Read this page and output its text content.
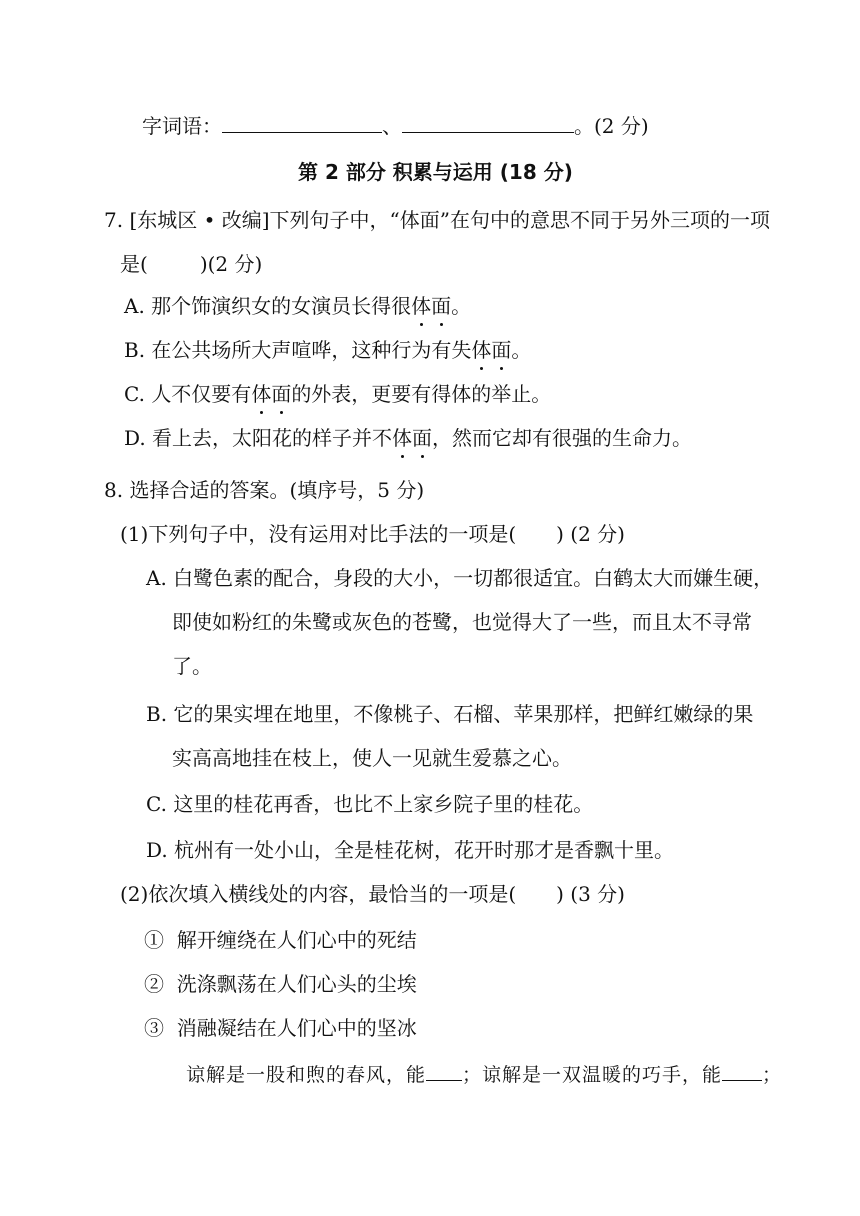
字词语：	、	。(2 分)
第 2 部分 积累与运用 (18 分)
7. [东城区 • 改编]下列句子中，“体面”在句中的意思不同于另外三项的一项
是(	)(2 分)
A. 那个饰演织女的女演员长得很体面。
B. 在公共场所大声喧哗，这种行为有失体面。
C. 人不仅要有体面的外表，更要有得体的举止。
D. 看上去，太阳花的样子并不体面，然而它却有很强的生命力。
8. 选择合适的答案。(填序号，5 分)
(1)下列句子中，没有运用对比手法的一项是( ) (2 分)
A. 白鹭色素的配合，身段的大小，一切都很适宜。白鹤太大而嫌生硬，
即使如粉红的朱鹭或灰色的苍鹭，也觉得大了一些，而且太不寻常
了。
B. 它的果实埋在地里，不像桃子、石榴、苹果那样，把鲜红嫩绿的果
实高高地挂在枝上，使人一见就生爱慕之心。
C. 这里的桂花再香，也比不上家乡院子里的桂花。
D. 杭州有一处小山，全是桂花树，花开时那才是香飘十里。
(2)依次填入横线处的内容，最恰当的一项是( ) (3 分)
① 解开缠绕在人们心中的死结
② 洗涤飘荡在人们心头的尘埃
③ 消融凝结在人们心中的坚冰
谅解是一股和煦的春风，能 ；谅解是一双温暖的巧手，能 ；
